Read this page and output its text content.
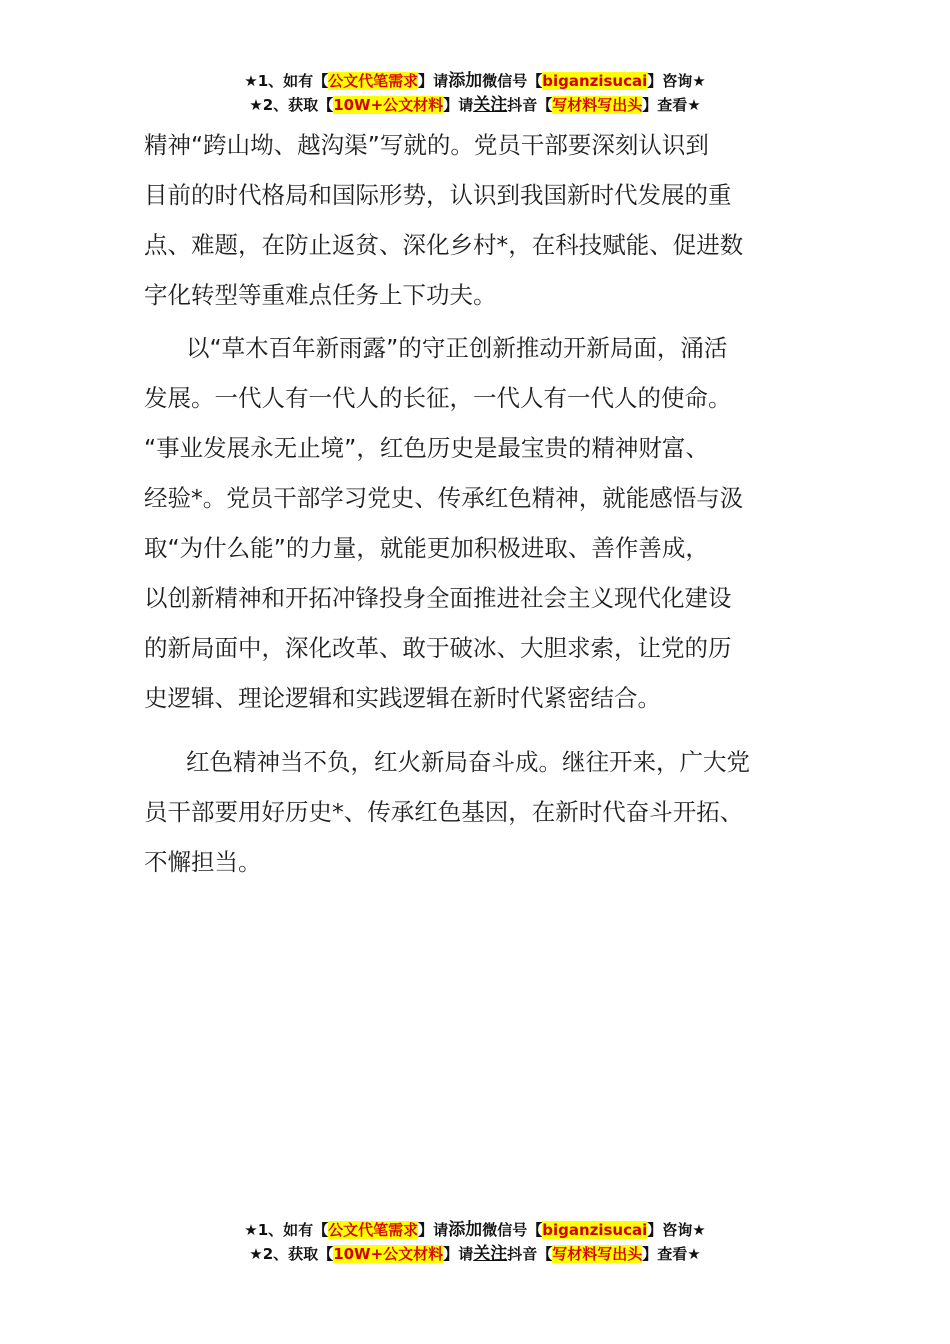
★1、如有【公文代笔需求】请添加微信号【biganzisucai】咨询★
★2、获取【10W+公文材料】请关注抖音【写材料写出头】查看★

精神“跨山坳、越沟渠”写就的。党员干部要深刻认识到

目前的时代格局和国际形势，认识到我国新时代发展的重

点、难题，在防止返贫、深化乡村*，在科技赋能、促进数

字化转型等重难点任务上下功夫。

以“草木百年新雨露”的守正创新推动开新局面，涌活

发展。一代人有一代人的长征，一代人有一代人的使命。

“事业发展永无止境”，红色历史是最宝贵的精神财富、

经验*。党员干部学习党史、传承红色精神，就能感悟与汲

取“为什么能”的力量，就能更加积极进取、善作善成，

以创新精神和开拓冲锋投身全面推进社会主义现代化建设

的新局面中，深化改革、敢于破冰、大胆求索，让党的历

史逻辑、理论逻辑和实践逻辑在新时代紧密结合。

红色精神当不负，红火新局奋斗成。继往开来，广大党

员干部要用好历史*、传承红色基因，在新时代奋斗开拓、

不懈担当。

★1、如有【公文代笔需求】请添加微信号【biganzisucai】咨询★
★2、获取【10W+公文材料】请关注抖音【写材料写出头】查看★
